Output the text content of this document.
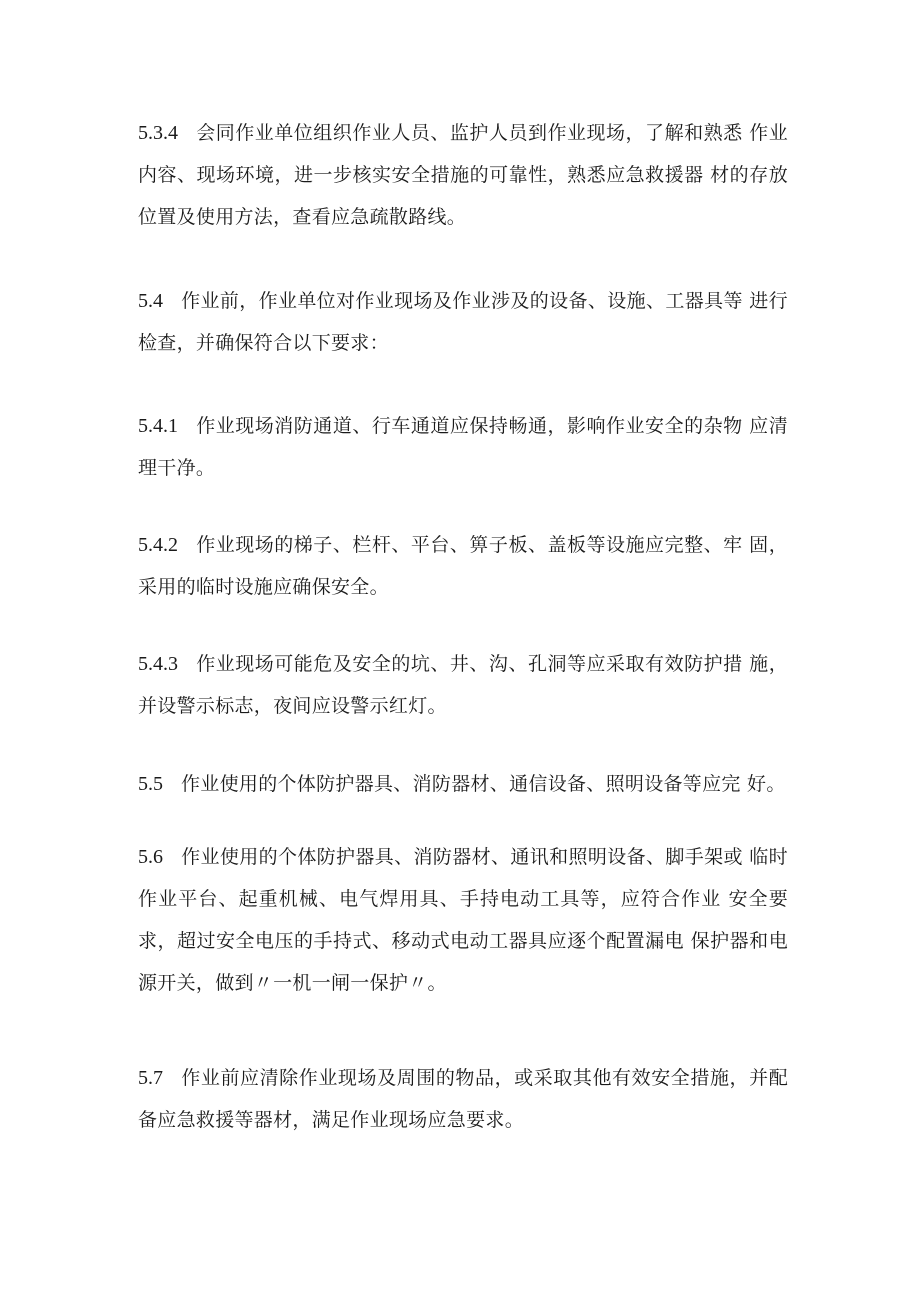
5.3.4 会同作业单位组织作业人员、监护人员到作业现场，了解和熟悉 作业内容、现场环境，进一步核实安全措施的可靠性，熟悉应急救援器 材的存放位置及使用方法，查看应急疏散路线。

5.4 作业前，作业单位对作业现场及作业涉及的设备、设施、工器具等 进行检查，并确保符合以下要求：

5.4.1 作业现场消防通道、行车通道应保持畅通，影响作业安全的杂物 应清理干净。

5.4.2 作业现场的梯子、栏杆、平台、箅子板、盖板等设施应完整、牢 固，采用的临时设施应确保安全。

5.4.3 作业现场可能危及安全的坑、井、沟、孔洞等应采取有效防护措 施，并设警示标志，夜间应设警示红灯。

5.5 作业使用的个体防护器具、消防器材、通信设备、照明设备等应完 好。

5.6 作业使用的个体防护器具、消防器材、通讯和照明设备、脚手架或 临时作业平台、起重机械、电气焊用具、手持电动工具等，应符合作业 安全要求，超过安全电压的手持式、移动式电动工器具应逐个配置漏电 保护器和电源开关，做到〃一机一闸一保护〃。

5.7 作业前应清除作业现场及周围的物品，或采取其他有效安全措施，并配备应急救援等器材，满足作业现场应急要求。
